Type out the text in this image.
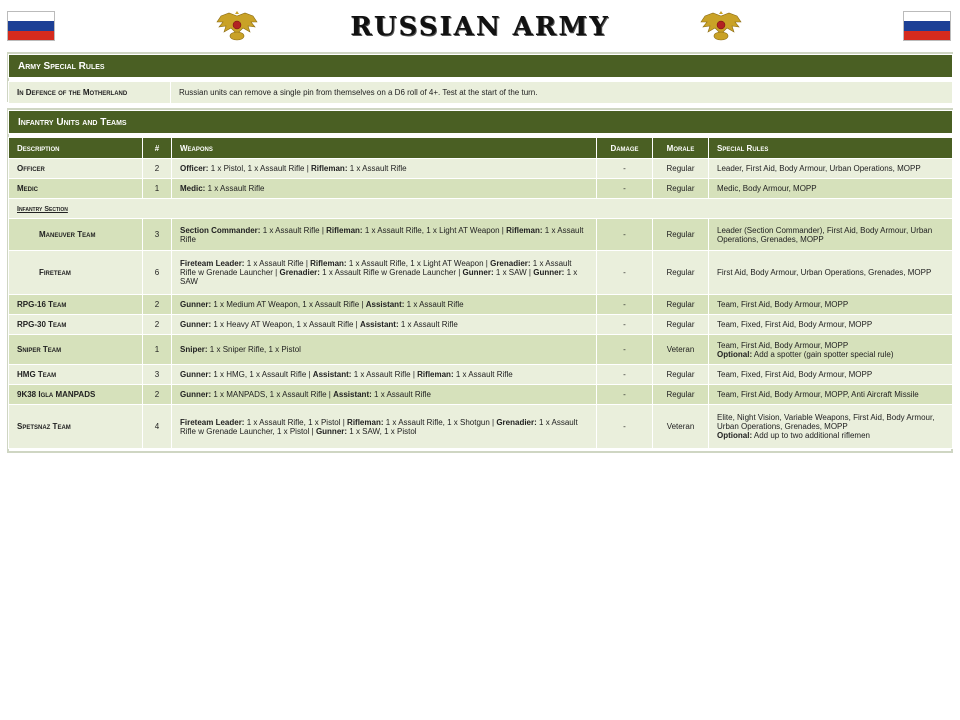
RUSSIAN ARMY
Army Special Rules

In Defence of the Motherland	Russian units can remove a single pin from themselves on a D6 roll of 4+. Test at the start of the turn.
Infantry Units and Teams					

Description	#	Weapons	Damage	Morale	Special Rules
Officer	2	Officer: 1 x Pistol, 1 x Assault Rifle | Rifleman: 1 x Assault Rifle	-	Regular	Leader, First Aid, Body Armour, Urban Operations, MOPP
Medic	1	Medic: 1 x Assault Rifle	-	Regular	Medic, Body Armour, MOPP
Infantry Section					
Maneuver Team	3	Section Commander: 1 x Assault Rifle | Rifleman: 1 x Assault Rifle, 1 x Light AT Weapon | Rifleman: 1 x Assault Rifle	-	Regular	Leader (Section Commander), First Aid, Body Armour, Urban Operations, Grenades, MOPP
Fireteam	6	Fireteam Leader: 1 x Assault Rifle | Rifleman: 1 x Assault Rifle, 1 x Light AT Weapon | Grenadier: 1 x Assault Rifle w Grenade Launcher | Grenadier: 1 x Assault Rifle w Grenade Launcher | Gunner: 1 x SAW | Gunner: 1 x SAW	-	Regular	First Aid, Body Armour, Urban Operations, Grenades, MOPP
RPG-16 Team	2	Gunner: 1 x Medium AT Weapon, 1 x Assault Rifle | Assistant: 1 x Assault Rifle	-	Regular	Team, First Aid, Body Armour, MOPP
RPG-30 Team	2	Gunner: 1 x Heavy AT Weapon, 1 x Assault Rifle | Assistant: 1 x Assault Rifle	-	Regular	Team, Fixed, First Aid, Body Armour, MOPP
Sniper Team	1	Sniper: 1 x Sniper Rifle, 1 x Pistol	-	Veteran	Team, First Aid, Body Armour, MOPP
Optional: Add a spotter (gain spotter special rule)
HMG Team	3	Gunner: 1 x HMG, 1 x Assault Rifle | Assistant: 1 x Assault Rifle | Rifleman: 1 x Assault Rifle	-	Regular	Team, Fixed, First Aid, Body Armour, MOPP
9K38 Igla MANPADS	2	Gunner: 1 x MANPADS, 1 x Assault Rifle | Assistant: 1 x Assault Rifle	-	Regular	Team, First Aid, Body Armour, MOPP, Anti Aircraft Missile
Spetsnaz Team	4	Fireteam Leader: 1 x Assault Rifle, 1 x Pistol | Rifleman: 1 x Assault Rifle, 1 x Shotgun | Grenadier: 1 x Assault Rifle w Grenade Launcher, 1 x Pistol | Gunner: 1 x SAW, 1 x Pistol	-	Veteran	Elite, Night Vision, Variable Weapons, First Aid, Body Armour, Urban Operations, Grenades, MOPP
Optional: Add up to two additional riflemen
